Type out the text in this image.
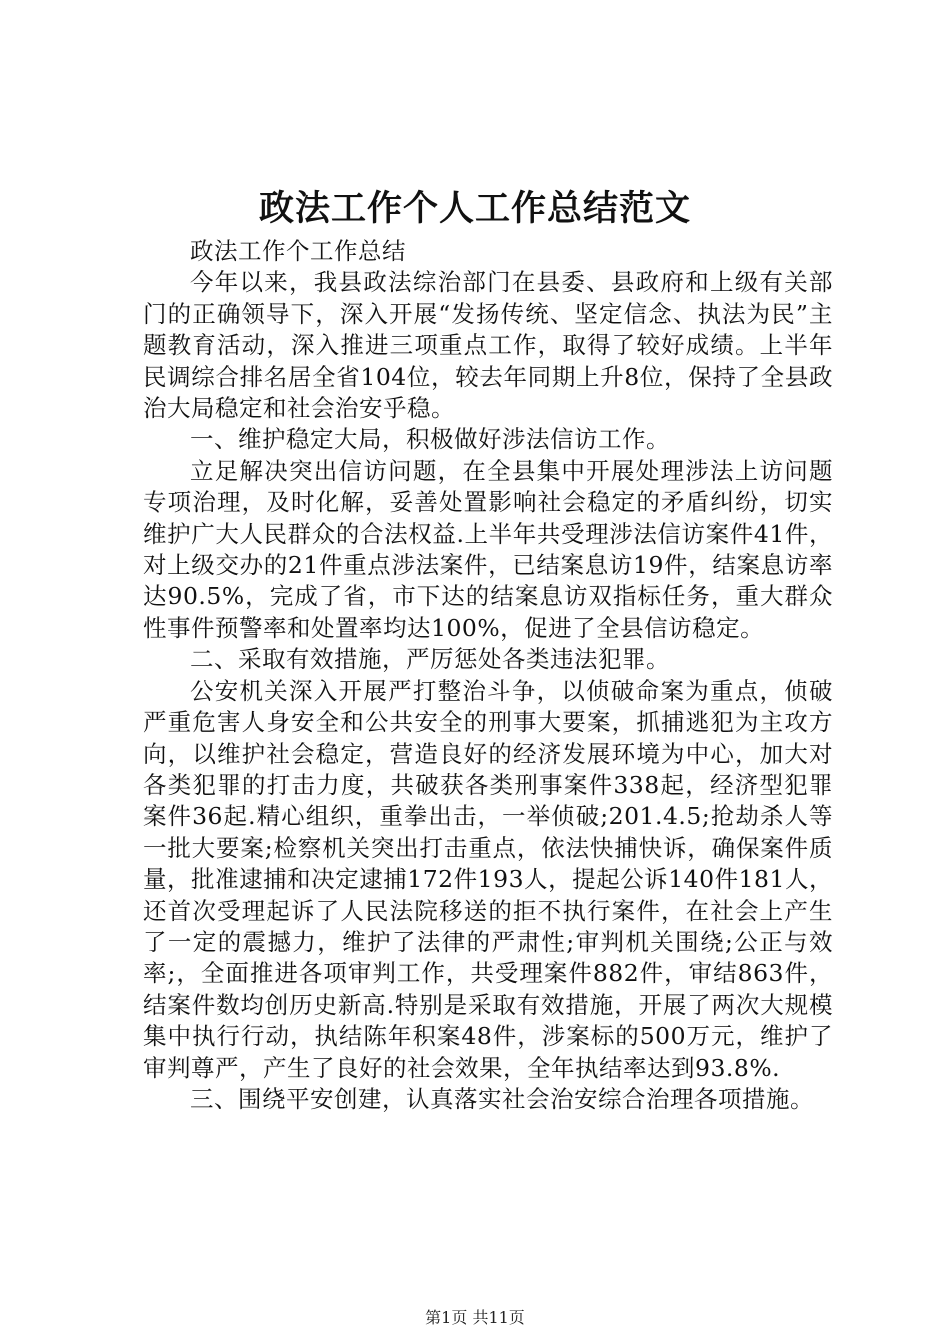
政法工作个人工作总结范文

政法工作个工作总结

今年以来，我县政法综治部门在县委、县政府和上级有关部门的正确领导下，深入开展“发扬传统、坚定信念、执法为民”主题教育活动，深入推进三项重点工作，取得了较好成绩。上半年民调综合排名居全省104位，较去年同期上升8位，保持了全县政治大局稳定和社会治安乎稳。

一、维护稳定大局，积极做好涉法信访工作。

立足解决突出信访问题，在全县集中开展处理涉法上访问题专项治理，及时化解，妥善处置影响社会稳定的矛盾纠纷，切实维护广大人民群众的合法权益.上半年共受理涉法信访案件41件，对上级交办的21件重点涉法案件，已结案息访19件，结案息访率达90.5%，完成了省，市下达的结案息访双指标任务，重大群众性事件预警率和处置率均达100%，促进了全县信访稳定。

二、采取有效措施，严厉惩处各类违法犯罪。

公安机关深入开展严打整治斗争，以侦破命案为重点，侦破严重危害人身安全和公共安全的刑事大要案，抓捕逃犯为主攻方向，以维护社会稳定，营造良好的经济发展环境为中心，加大对各类犯罪的打击力度，共破获各类刑事案件338起，经济型犯罪案件36起.精心组织，重拳出击，一举侦破;201.4.5;抢劫杀人等一批大要案;检察机关突出打击重点，依法快捕快诉，确保案件质量，批准逮捕和决定逮捕172件193人，提起公诉140件181人，还首次受理起诉了人民法院移送的拒不执行案件，在社会上产生了一定的震撼力，维护了法律的严肃性;审判机关围绕;公正与效率;，全面推进各项审判工作，共受理案件882件，审结863件，结案件数均创历史新高.特别是采取有效措施，开展了两次大规模集中执行行动，执结陈年积案48件，涉案标的500万元，维护了审判尊严，产生了良好的社会效果，全年执结率达到93.8%.

三、围绕平安创建，认真落实社会治安综合治理各项措施。

第1页 共11页
